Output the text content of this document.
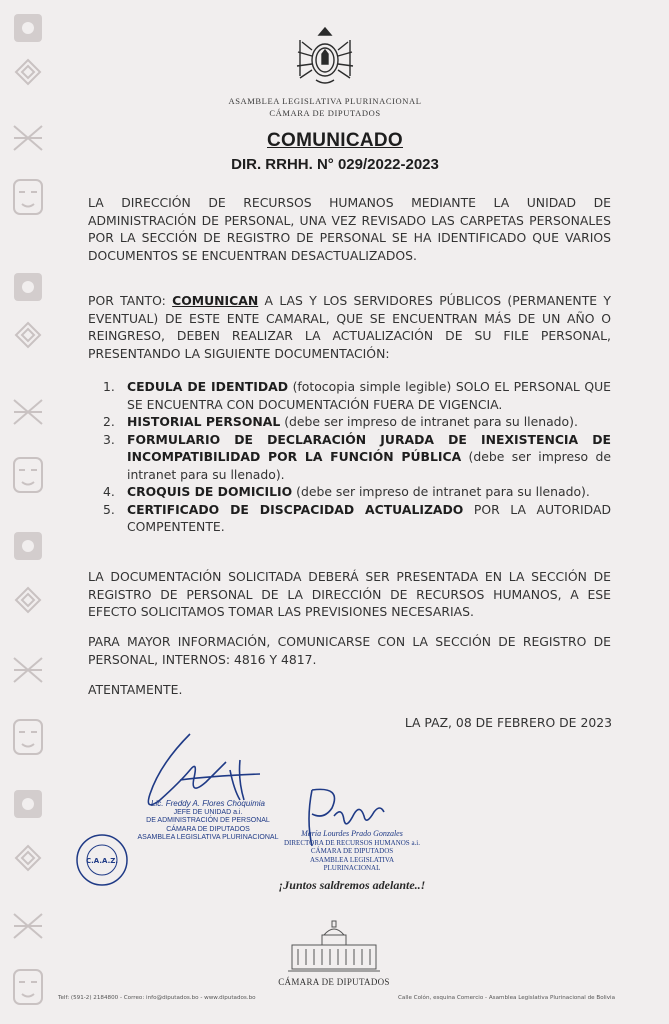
ASAMBLEA LEGISLATIVA PLURINACIONAL
CÁMARA DE DIPUTADOS
COMUNICADO
DIR. RRHH. N° 029/2022-2023
LA DIRECCIÓN DE RECURSOS HUMANOS MEDIANTE LA UNIDAD DE ADMINISTRACIÓN DE PERSONAL, UNA VEZ REVISADO LAS CARPETAS PERSONALES POR LA SECCIÓN DE REGISTRO DE PERSONAL SE HA IDENTIFICADO QUE VARIOS DOCUMENTOS SE ENCUENTRAN DESACTUALIZADOS.
POR TANTO: COMUNICAN A LAS Y LOS SERVIDORES PÚBLICOS (PERMANENTE Y EVENTUAL) DE ESTE ENTE CAMARAL, QUE SE ENCUENTRAN MÁS DE UN AÑO O REINGRESO, DEBEN REALIZAR LA ACTUALIZACIÓN DE SU FILE PERSONAL, PRESENTANDO LA SIGUIENTE DOCUMENTACIÓN:
1. CEDULA DE IDENTIDAD (fotocopia simple legible) SOLO EL PERSONAL QUE SE ENCUENTRA CON DOCUMENTACIÓN FUERA DE VIGENCIA.
2. HISTORIAL PERSONAL (debe ser impreso de intranet para su llenado).
3. FORMULARIO DE DECLARACIÓN JURADA DE INEXISTENCIA DE INCOMPATIBILIDAD POR LA FUNCIÓN PÚBLICA (debe ser impreso de intranet para su llenado).
4. CROQUIS DE DOMICILIO (debe ser impreso de intranet para su llenado).
5. CERTIFICADO DE DISCPACIDAD ACTUALIZADO POR LA AUTORIDAD COMPENTENTE.
LA DOCUMENTACIÓN SOLICITADA DEBERÁ SER PRESENTADA EN LA SECCIÓN DE REGISTRO DE PERSONAL DE LA DIRECCIÓN DE RECURSOS HUMANOS, A ESE EFECTO SOLICITAMOS TOMAR LAS PREVISIONES NECESARIAS.
PARA MAYOR INFORMACIÓN, COMUNICARSE CON LA SECCIÓN DE REGISTRO DE PERSONAL, INTERNOS: 4816 Y 4817.
ATENTAMENTE.
LA PAZ, 08 DE FEBRERO DE 2023
Lic. Freddy A. Flores Choquimia
JEFE DE UNIDAD a.i.
DE ADMINISTRACIÓN DE PERSONAL
CÁMARA DE DIPUTADOS
ASAMBLEA LEGISLATIVA PLURINACIONAL
C.A.A.Z.
María Lourdes Prado Gonzales
DIRECTORA DE RECURSOS HUMANOS a.i.
CÁMARA DE DIPUTADOS
ASAMBLEA LEGISLATIVA PLURINACIONAL
¡Juntos saldremos adelante..!
CÁMARA DE DIPUTADOS
Telf: (591-2) 2184800 - Correo: info@diputados.bo - www.diputados.bo	Calle Colón, esquina Comercio - Asamblea Legislativa Plurinacional de Bolivia
